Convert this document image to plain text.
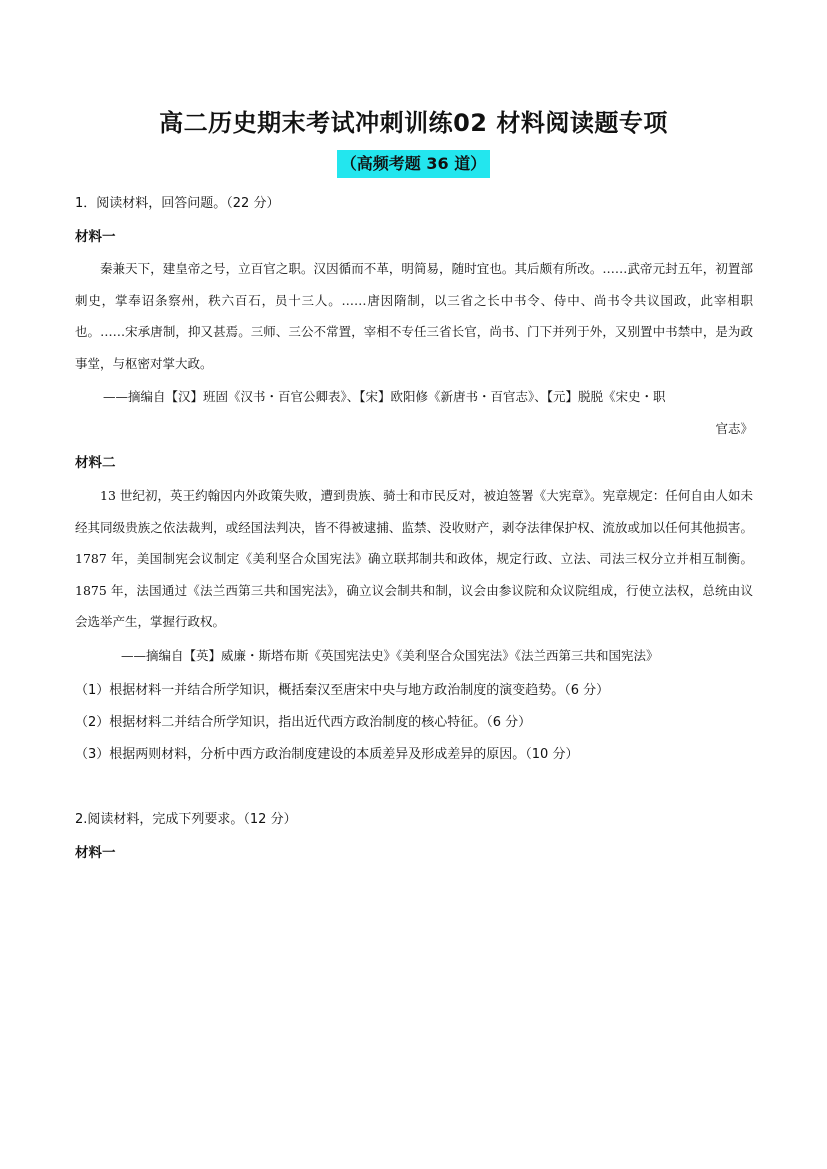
高二历史期末考试冲刺训练02 材料阅读题专项
（高频考题 36 道）
1．阅读材料，回答问题。（22 分）
材料一
秦兼天下，建皇帝之号，立百官之职。汉因循而不革，明简易，随时宜也。其后颇有所改。……武帝元封五年，初置部刺史，掌奉诏条察州，秩六百石，员十三人。……唐因隋制，以三省之长中书令、侍中、尚书令共议国政，此宰相职也。……宋承唐制，抑又甚焉。三师、三公不常置，宰相不专任三省长官，尚书、门下并列于外，又别置中书禁中，是为政事堂，与枢密对掌大政。
——摘编自【汉】班固《汉书・百官公卿表》、【宋】欧阳修《新唐书・百官志》、【元】脱脱《宋史・职
官志》
材料二
13 世纪初，英王约翰因内外政策失败，遭到贵族、骑士和市民反对，被迫签署《大宪章》。宪章规定：任何自由人如未经其同级贵族之依法裁判，或经国法判决，皆不得被逮捕、监禁、没收财产，剥夺法律保护权、流放或加以任何其他损害。1787 年，美国制宪会议制定《美利坚合众国宪法》确立联邦制共和政体，规定行政、立法、司法三权分立并相互制衡。1875 年，法国通过《法兰西第三共和国宪法》，确立议会制共和制，议会由参议院和众议院组成，行使立法权，总统由议会选举产生，掌握行政权。
——摘编自【英】威廉・斯塔布斯《英国宪法史》《美利坚合众国宪法》《法兰西第三共和国宪法》
（1）根据材料一并结合所学知识，概括秦汉至唐宋中央与地方政治制度的演变趋势。（6 分）
（2）根据材料二并结合所学知识，指出近代西方政治制度的核心特征。（6 分）
（3）根据两则材料，分析中西方政治制度建设的本质差异及形成差异的原因。（10 分）
2.阅读材料，完成下列要求。（12 分）
材料一
